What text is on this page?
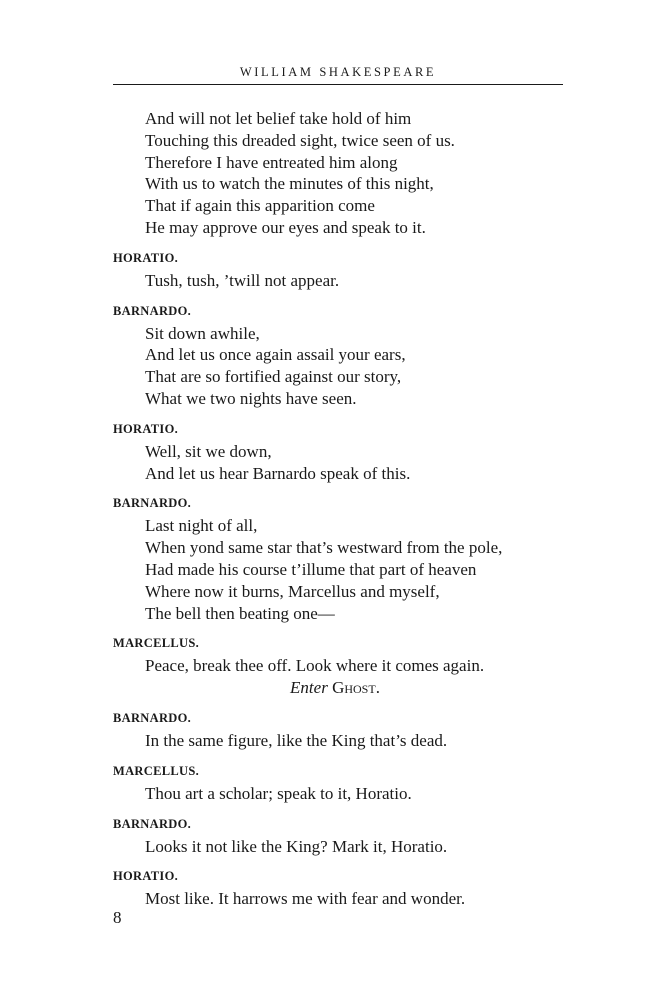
WILLIAM SHAKESPEARE
And will not let belief take hold of him
Touching this dreaded sight, twice seen of us.
Therefore I have entreated him along
With us to watch the minutes of this night,
That if again this apparition come
He may approve our eyes and speak to it.
HORATIO.
Tush, tush, ’twill not appear.
BARNARDO.
Sit down awhile,
And let us once again assail your ears,
That are so fortified against our story,
What we two nights have seen.
HORATIO.
Well, sit we down,
And let us hear Barnardo speak of this.
BARNARDO.
Last night of all,
When yond same star that’s westward from the pole,
Had made his course t’illume that part of heaven
Where now it burns, Marcellus and myself,
The bell then beating one—
MARCELLUS.
Peace, break thee off. Look where it comes again.
Enter Ghost.
BARNARDO.
In the same figure, like the King that’s dead.
MARCELLUS.
Thou art a scholar; speak to it, Horatio.
BARNARDO.
Looks it not like the King? Mark it, Horatio.
HORATIO.
Most like. It harrows me with fear and wonder.
8
